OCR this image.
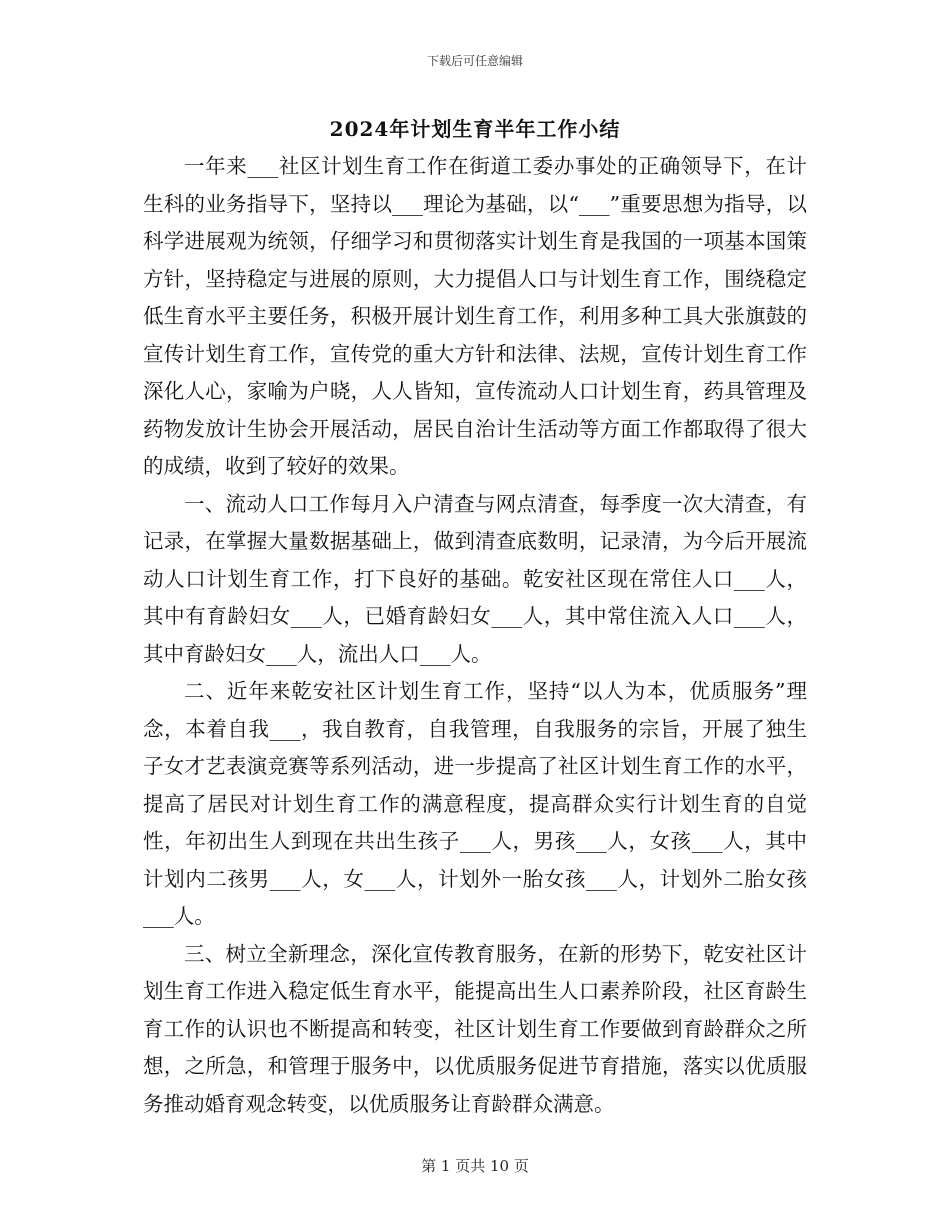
下载后可任意编辑
2024年计划生育半年工作小结

一年来___社区计划生育工作在街道工委办事处的正确领导下，在计生科的业务指导下，坚持以___理论为基础，以“___”重要思想为指导，以科学进展观为统领，仔细学习和贯彻落实计划生育是我国的一项基本国策方针，坚持稳定与进展的原则，大力提倡人口与计划生育工作，围绕稳定低生育水平主要任务，积极开展计划生育工作，利用多种工具大张旗鼓的宣传计划生育工作，宣传党的重大方针和法律、法规，宣传计划生育工作深化人心，家喻为户晓，人人皆知，宣传流动人口计划生育，药具管理及药物发放计生协会开展活动，居民自治计生活动等方面工作都取得了很大的成绩，收到了较好的效果。

一、流动人口工作每月入户清查与网点清查，每季度一次大清查，有记录，在掌握大量数据基础上，做到清查底数明，记录清，为今后开展流动人口计划生育工作，打下良好的基础。乾安社区现在常住人口___人，其中有育龄妇女___人，已婚育龄妇女___人，其中常住流入人口___人，其中育龄妇女___人，流出人口___人。

二、近年来乾安社区计划生育工作，坚持“以人为本，优质服务”理念，本着自我___，我自教育，自我管理，自我服务的宗旨，开展了独生子女才艺表演竞赛等系列活动，进一步提高了社区计划生育工作的水平，提高了居民对计划生育工作的满意程度，提高群众实行计划生育的自觉性，年初出生人到现在共出生孩子___人，男孩___人，女孩___人，其中计划内二孩男___人，女___人，计划外一胎女孩___人，计划外二胎女孩___人。

三、树立全新理念，深化宣传教育服务，在新的形势下，乾安社区计划生育工作进入稳定低生育水平，能提高出生人口素养阶段，社区育龄生育工作的认识也不断提高和转变，社区计划生育工作要做到育龄群众之所想，之所急，和管理于服务中，以优质服务促进节育措施，落实以优质服务推动婚育观念转变，以优质服务让育龄群众满意。

第 1 页共 10 页
